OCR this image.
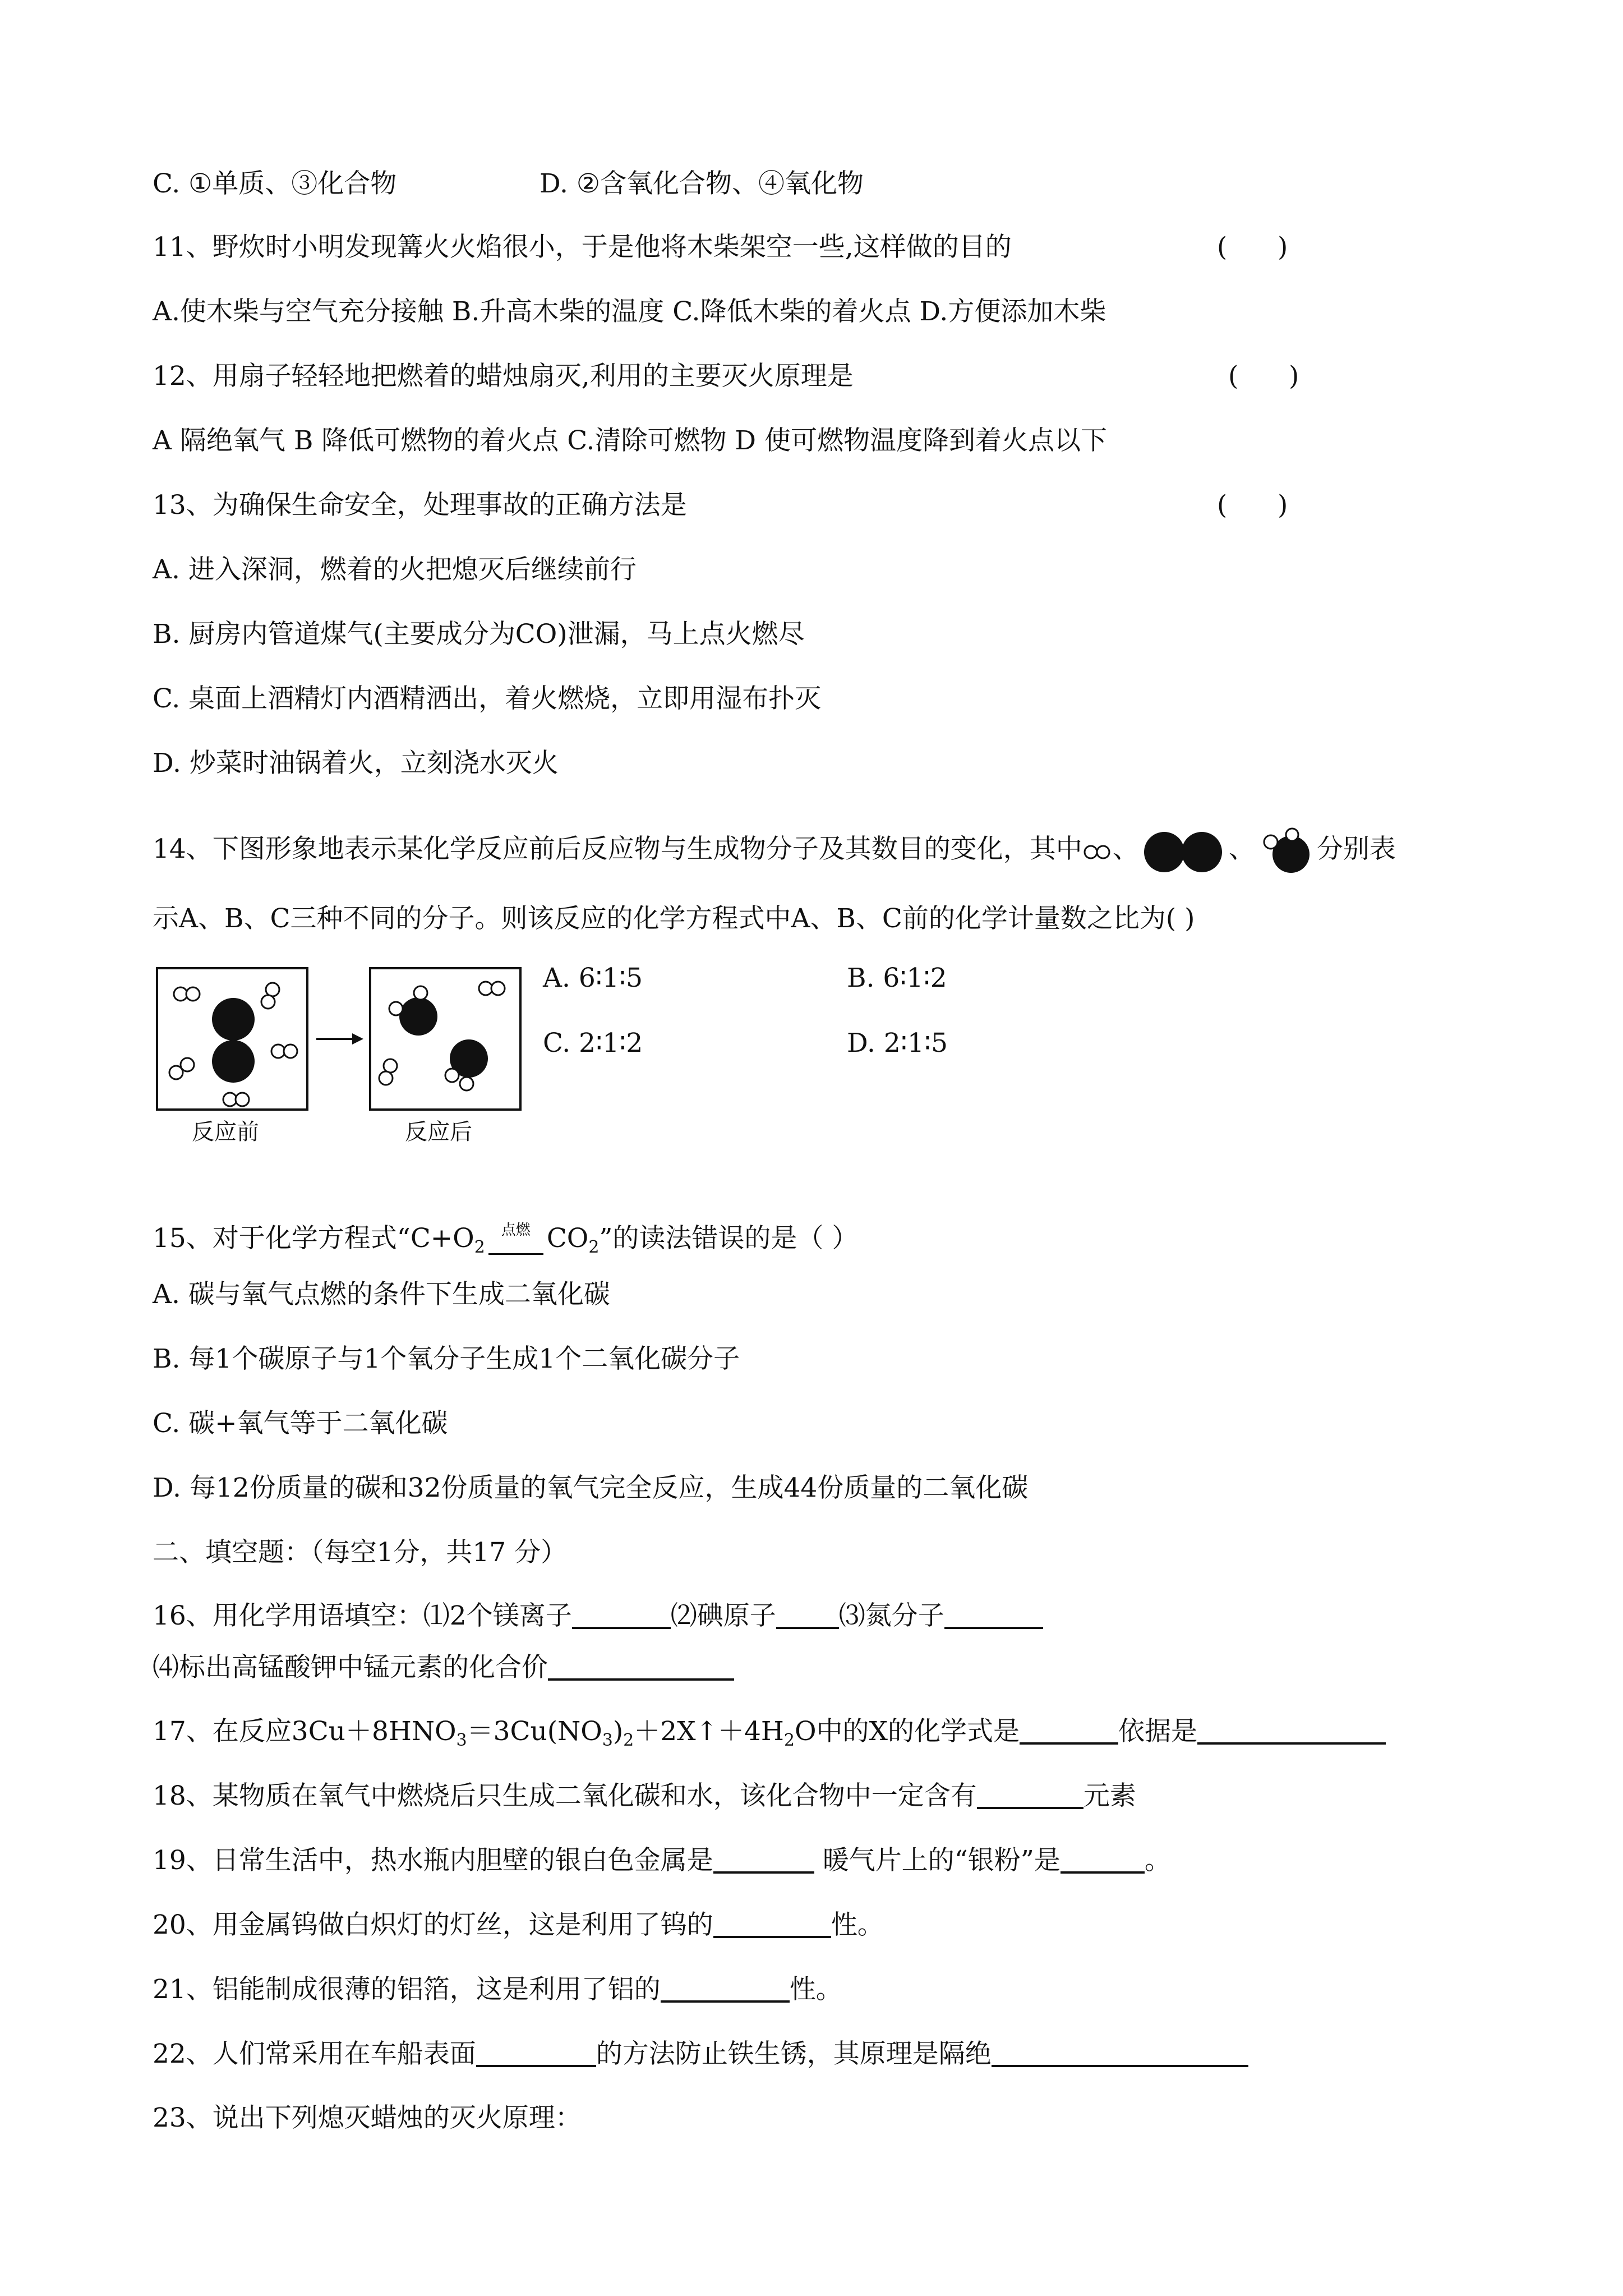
C. ①单质、③化合物	D. ②含氧化合物、④氧化物

11、野炊时小明发现篝火火焰很小，于是他将木柴架空一些,这样做的目的	(      )

A.使木柴与空气充分接触 B.升高木柴的温度 C.降低木柴的着火点 D.方便添加木柴

12、用扇子轻轻地把燃着的蜡烛扇灭,利用的主要灭火原理是	(      )

A 隔绝氧气 B 降低可燃物的着火点 C.清除可燃物 D 使可燃物温度降到着火点以下

13、为确保生命安全，处理事故的正确方法是	(      )

A. 进入深洞，燃着的火把熄灭后继续前行

B. 厨房内管道煤气(主要成分为CO)泄漏，马上点火燃尽

C. 桌面上酒精灯内酒精洒出，着火燃烧，立即用湿布扑灭

D. 炒菜时油锅着火，立刻浇水灭火

14、下图形象地表示某化学反应前后反应物与生成物分子及其数目的变化，其中 、	、 分别表

示A、B、C三种不同的分子。则该反应的化学方程式中A、B、C前的化学计量数之比为( )

反应前	反应后
A. 6∶1∶5	B. 6∶1∶2
C. 2∶1∶2	D. 2∶1∶5

15、对于化学方程式“$C+O_2$点燃 $CO_2$”的读法错误的是（ ）

A. 碳与氧气点燃的条件下生成二氧化碳

B. 每1个碳原子与1个氧分子生成1个二氧化碳分子

C. 碳+氧气等于二氧化碳

D. 每12份质量的碳和32份质量的氧气完全反应，生成44份质量的二氧化碳

二、填空题：（每空1分，共17 分）

16、用化学用语填空：⑴2个镁离子	⑵碘原子 ⑶氮分子

⑷标出高锰酸钾中锰元素的化合价

17、在反应$3Cu+8HNO_3=3Cu(NO_3)_2+2X↑+4H_2O$中的X的化学式是	依据是

18、某物质在氧气中燃烧后只生成二氧化碳和水，该化合物中一定含有	元素

19、日常生活中，热水瓶内胆壁的银白色金属是	暖气片上的“银粉”是	。

20、用金属钨做白炽灯的灯丝，这是利用了钨的	性。

21、铝能制成很薄的铝箔，这是利用了铝的	性。

22、人们常采用在车船表面	的方法防止铁生锈，其原理是隔绝

23、说出下列熄灭蜡烛的灭火原理：
